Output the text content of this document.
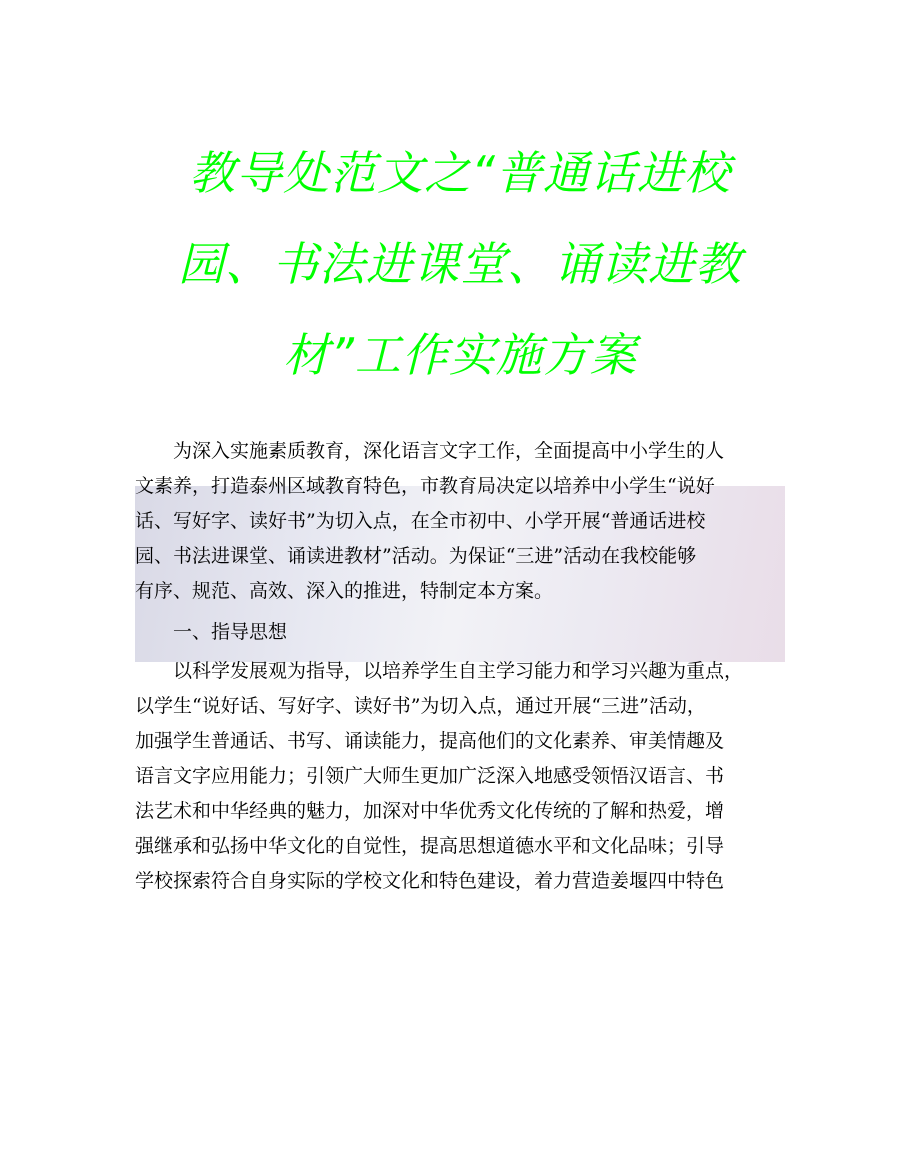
教导处范文之“普通话进校
园、书法进课堂、诵读进教
材”工作实施方案

为深入实施素质教育，深化语言文字工作，全面提高中小学生的人
文素养，打造泰州区域教育特色，市教育局决定以培养中小学生“说好
话、写好字、读好书”为切入点，在全市初中、小学开展“普通话进校
园、书法进课堂、诵读进教材”活动。为保证“三进”活动在我校能够
有序、规范、高效、深入的推进，特制定本方案。

一、指导思想

以科学发展观为指导，以培养学生自主学习能力和学习兴趣为重点，
以学生“说好话、写好字、读好书”为切入点，通过开展“三进”活动，
加强学生普通话、书写、诵读能力，提高他们的文化素养、审美情趣及
语言文字应用能力；引领广大师生更加广泛深入地感受领悟汉语言、书
法艺术和中华经典的魅力，加深对中华优秀文化传统的了解和热爱，增
强继承和弘扬中华文化的自觉性，提高思想道德水平和文化品味；引导
学校探索符合自身实际的学校文化和特色建设，着力营造姜堰四中特色
